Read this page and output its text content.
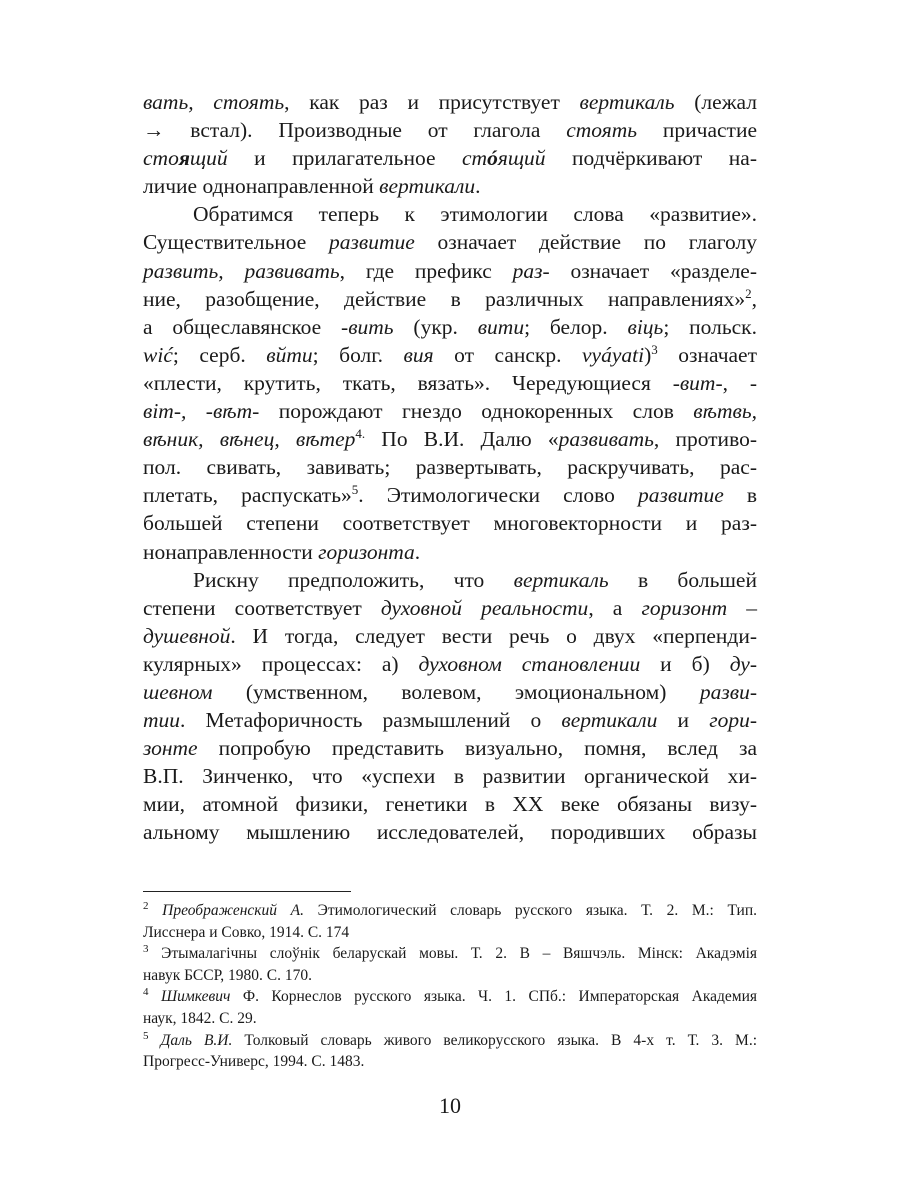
вать, стоять, как раз и присутствует вертикаль (лежал
→ встал). Производные от глагола стоять причастие
стоящий и прилагательное стóящий подчёркивают на-
личие однонаправленной вертикали.
Обратимся теперь к этимологии слова «развитие».
Существительное развитие означает действие по глаголу
развить, развивать, где префикс раз- означает «разделе-
ние, разобщение, действие в различных направлениях»$^2$,
а общеславянское -вить (укр. вити; белор. віць; польск.
wić; серб. вйти; болг. вия от санскр. vyáyati)$^3$ означает
«плести, крутить, ткать, вязать». Чередующиеся -вит-, -
віт-, -вѣт- порождают гнездо однокоренных слов вѣтвь,
вѣник, вѣнец, вѣтер$^{4.}$ По В.И. Далю «развивать, противо-
пол. свивать, завивать; развертывать, раскручивать, рас-
плетать, распускать»$^5$. Этимологически слово развитие в
большей степени соответствует многовекторности и раз-
нонаправленности горизонта.
Рискну предположить, что вертикаль в большей
степени соответствует духовной реальности, а горизонт –
душевной. И тогда, следует вести речь о двух «перпенди-
кулярных» процессах: а) духовном становлении и б) ду-
шевном (умственном, волевом, эмоциональном) разви-
тии. Метафоричность размышлений о вертикали и гори-
зонте попробую представить визуально, помня, вслед за
В.П. Зинченко, что «успехи в развитии органической хи-
мии, атомной физики, генетики в XX веке обязаны визу-
альному мышлению исследователей, породивших образы
$^2$ Преображенский А. Этимологический словарь русского языка. Т. 2. М.: Тип.
Лисснера и Совко, 1914. С. 174
$^3$ Этымалагічны слоўнік беларускай мовы. Т. 2. В – Вяшчэль. Мінск: Акадэмія
навук БССР, 1980. С. 170.
$^4$ Шимкевич Ф. Корнеслов русского языка. Ч. 1. СПб.: Императорская Академия
наук, 1842. С. 29.
$^5$ Даль В.И. Толковый словарь живого великорусского языка. В 4-х т. Т. 3. М.:
Прогресс-Универс, 1994. С. 1483.
10
